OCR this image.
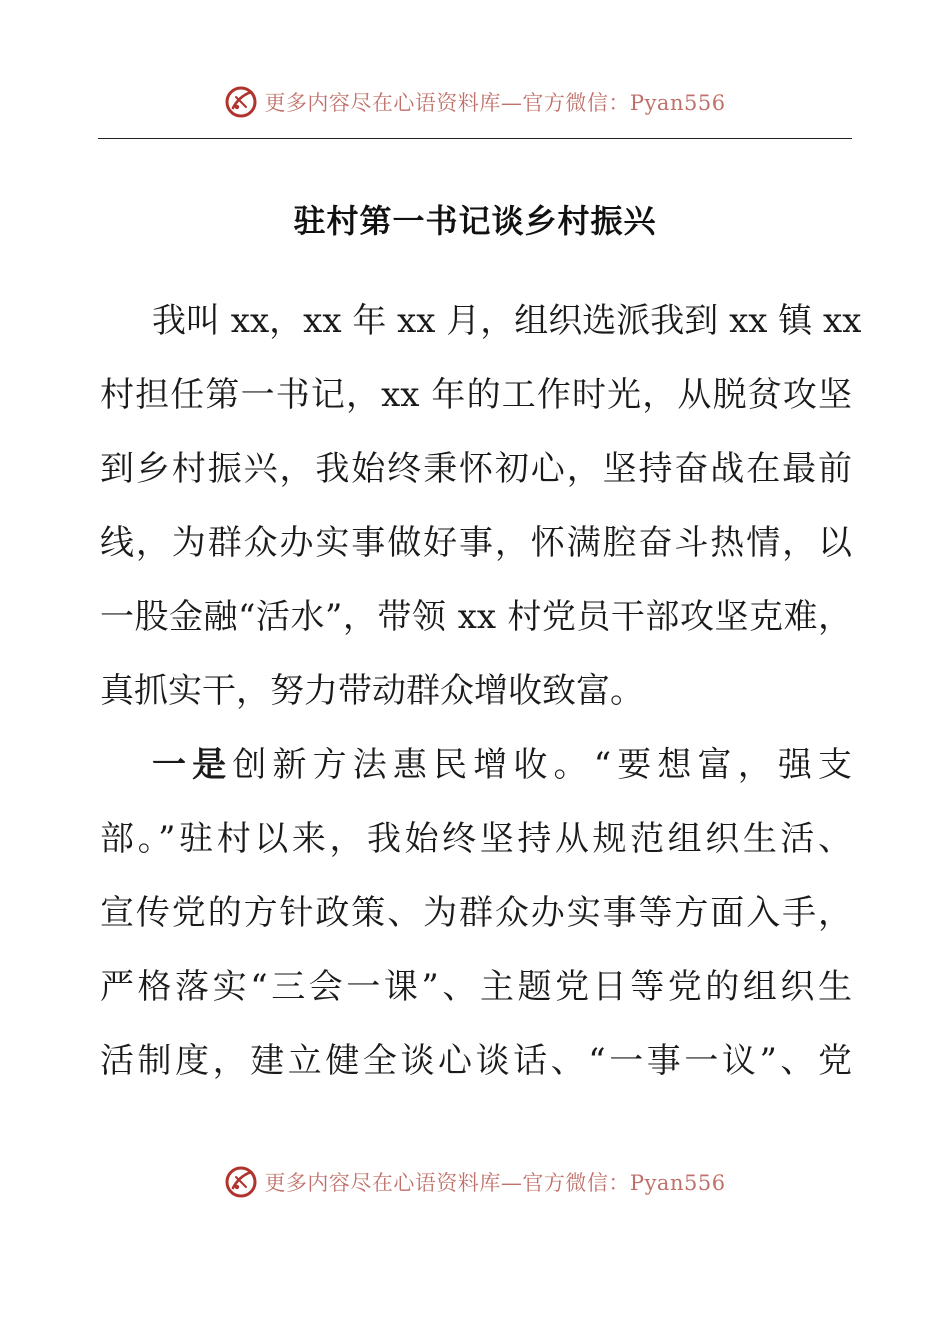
更多内容尽在心语资料库—官方微信：Pyan556
驻村第一书记谈乡村振兴
我叫 xx，xx 年 xx 月，组织选派我到 xx 镇 xx
村担任第一书记，xx 年的工作时光，从脱贫攻坚
到乡村振兴，我始终秉怀初心，坚持奋战在最前
线，为群众办实事做好事，怀满腔奋斗热情，以
一股金融“活水”，带领 xx 村党员干部攻坚克难，
真抓实干，努力带动群众增收致富。
一是创新方法惠民增收。“要想富，强支
部。”驻村以来，我始终坚持从规范组织生活、
宣传党的方针政策、为群众办实事等方面入手，
严格落实“三会一课”、主题党日等党的组织生
活制度，建立健全谈心谈话、“一事一议”、党
更多内容尽在心语资料库—官方微信：Pyan556
